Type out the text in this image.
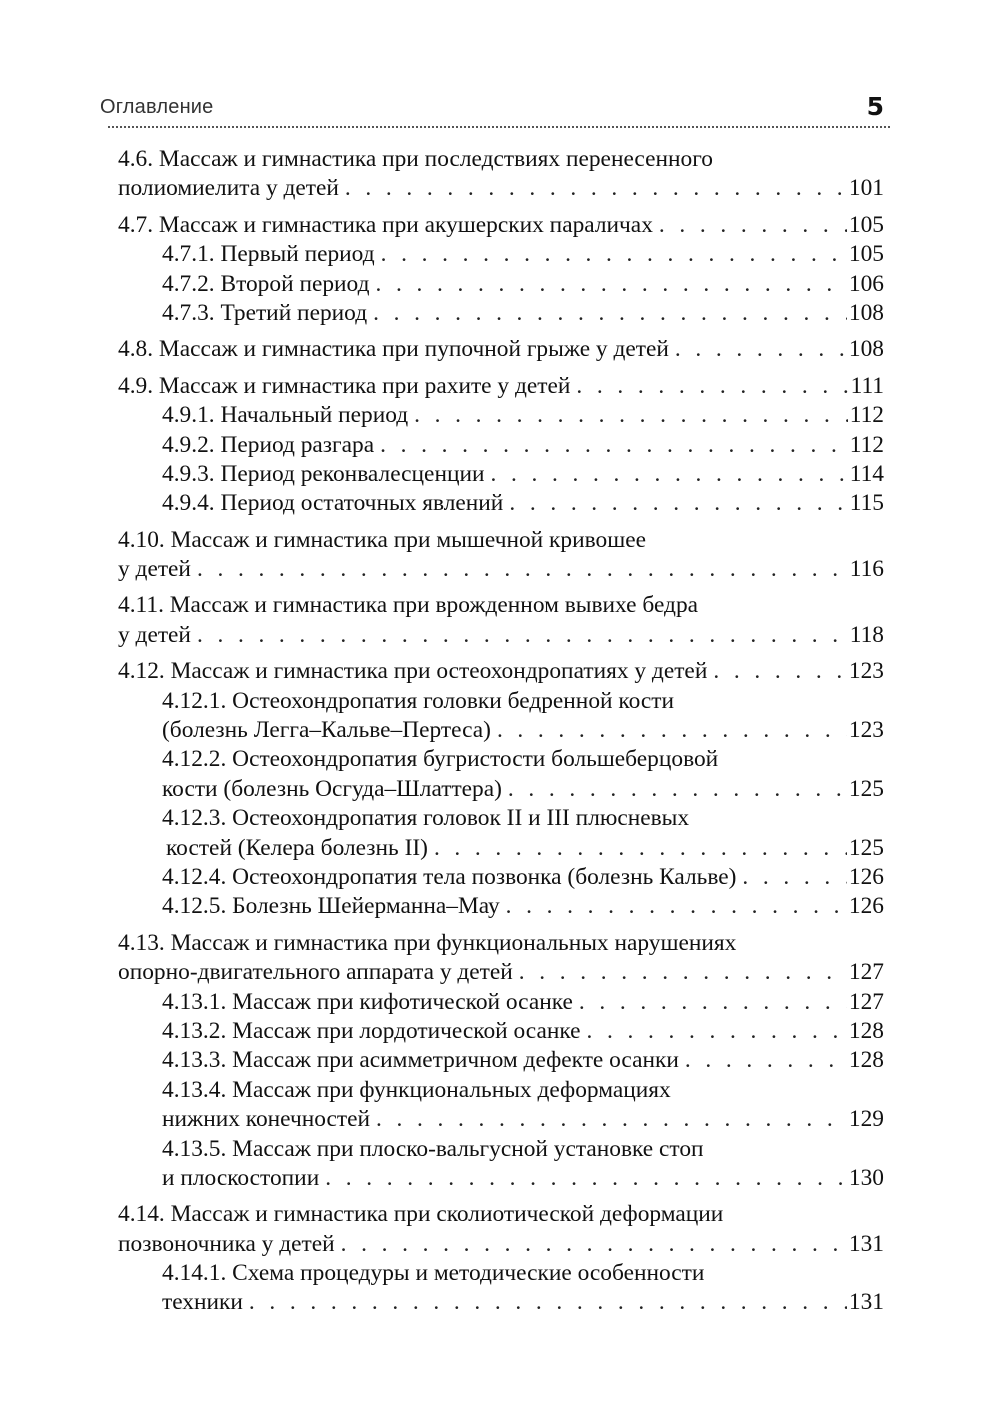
Оглавление	5
4.6. Массаж и гимнастика при последствиях перенесенного
полиомиелита у детей . . .	101
4.7. Массаж и гимнастика при акушерских параличах . . .	105
4.7.1. Первый период . . .	105
4.7.2. Второй период . . .	106
4.7.3. Третий период . . .	108
4.8. Массаж и гимнастика при пупочной грыже у детей . . .	108
4.9. Массаж и гимнастика при рахите у детей . . .	111
4.9.1. Начальный период . . .	112
4.9.2. Период разгара . . .	112
4.9.3. Период реконвалесценции . . .	114
4.9.4. Период остаточных явлений . . .	115
4.10. Массаж и гимнастика при мышечной кривошее
у детей . . .	116
4.11. Массаж и гимнастика при врожденном вывихе бедра
у детей . . .	118
4.12. Массаж и гимнастика при остеохондропатиях у детей . . .	123
4.12.1. Остеохондропатия головки бедренной кости
(болезнь Легга–Кальве–Пертеса) . . .	123
4.12.2. Остеохондропатия бугристости большеберцовой
кости (болезнь Осгуда–Шлаттера) . . .	125
4.12.3. Остеохондропатия головок II и III плюсневых
костей (Келера болезнь II) . . .	125
4.12.4. Остеохондропатия тела позвонка (болезнь Кальве) . . .	126
4.12.5. Болезнь Шейерманна–Мау . . .	126
4.13. Массаж и гимнастика при функциональных нарушениях
опорно-двигательного аппарата у детей . . .	127
4.13.1. Массаж при кифотической осанке . . .	127
4.13.2. Массаж при лордотической осанке . . .	128
4.13.3. Массаж при асимметричном дефекте осанки . . .	128
4.13.4. Массаж при функциональных деформациях
нижних конечностей . . .	129
4.13.5. Массаж при плоско-вальгусной установке стоп
и плоскостопии . . .	130
4.14. Массаж и гимнастика при сколиотической деформации
позвоночника у детей . . .	131
4.14.1. Схема процедуры и методические особенности
техники . . .	131
